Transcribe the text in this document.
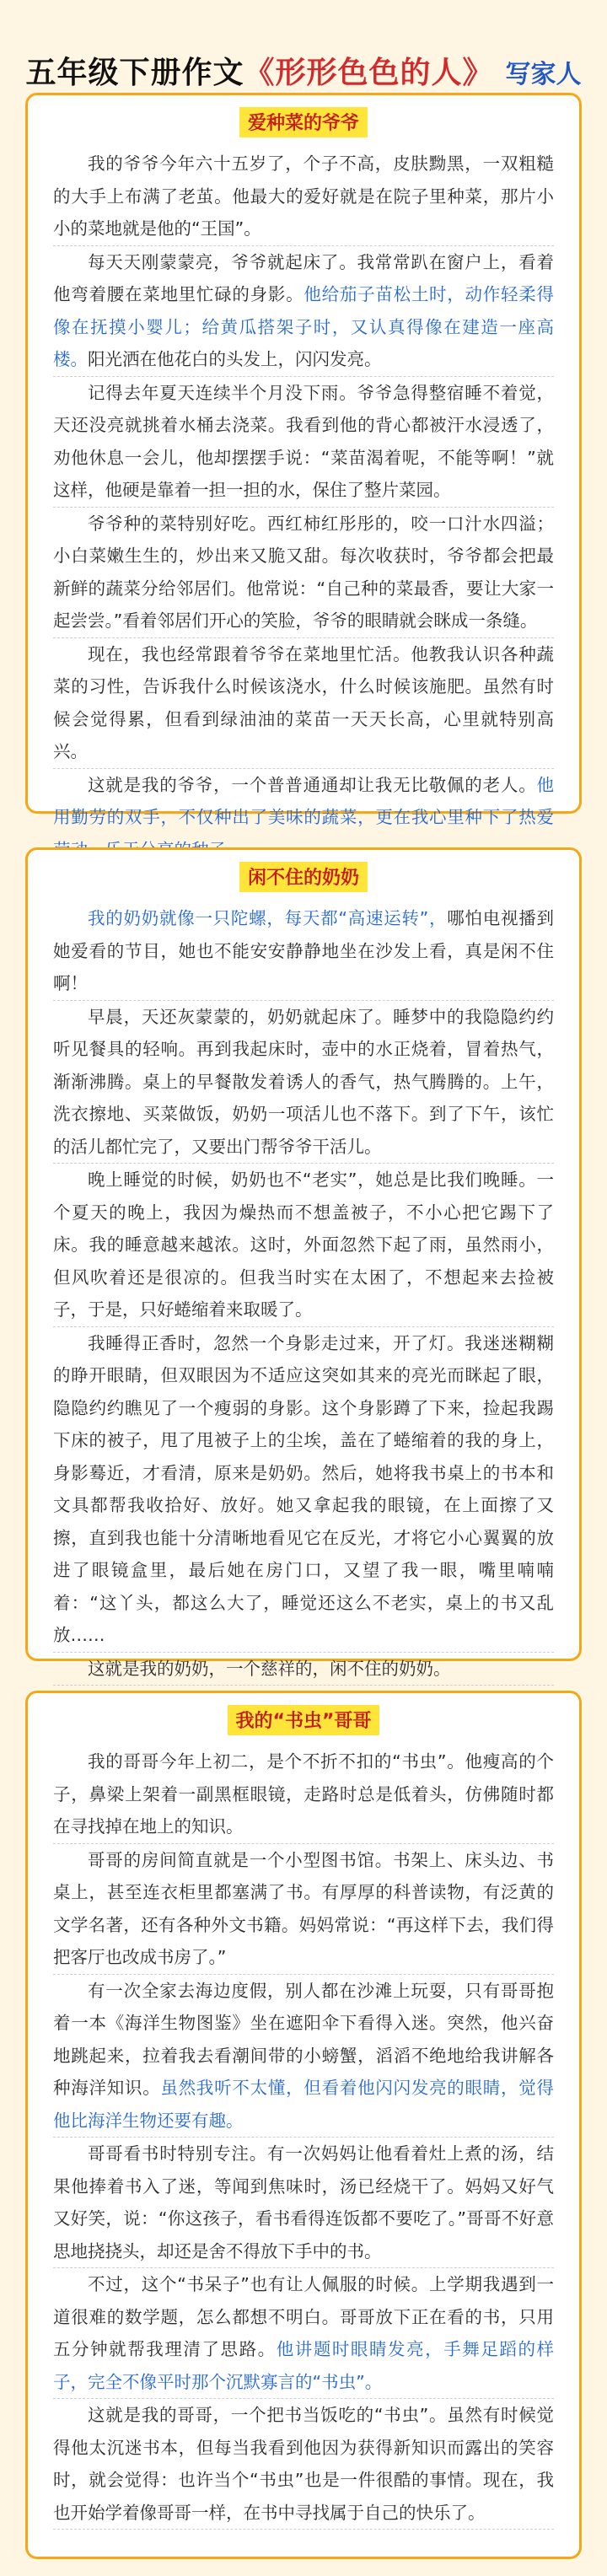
五年级下册作文《形形色色的人》 写家人
爱种菜的爷爷

我的爷爷今年六十五岁了，个子不高，皮肤黝黑，一双粗糙的大手上布满了老茧。他最大的爱好就是在院子里种菜，那片小小的菜地就是他的“王国”。

每天天刚蒙蒙亮，爷爷就起床了。我常常趴在窗户上，看着他弯着腰在菜地里忙碌的身影。他给茄子苗松土时，动作轻柔得像在抚摸小婴儿；给黄瓜搭架子时，又认真得像在建造一座高楼。阳光洒在他花白的头发上，闪闪发亮。

记得去年夏天连续半个月没下雨。爷爷急得整宿睡不着觉，天还没亮就挑着水桶去浇菜。我看到他的背心都被汗水浸透了，劝他休息一会儿，他却摆摆手说：“菜苗渴着呢，不能等啊！”就这样，他硬是靠着一担一担的水，保住了整片菜园。

爷爷种的菜特别好吃。西红柿红彤彤的，咬一口汁水四溢；小白菜嫩生生的，炒出来又脆又甜。每次收获时，爷爷都会把最新鲜的蔬菜分给邻居们。他常说：“自己种的菜最香，要让大家一起尝尝。”看着邻居们开心的笑脸，爷爷的眼睛就会眯成一条缝。

现在，我也经常跟着爷爷在菜地里忙活。他教我认识各种蔬菜的习性，告诉我什么时候该浇水，什么时候该施肥。虽然有时候会觉得累，但看到绿油油的菜苗一天天长高，心里就特别高兴。

这就是我的爷爷，一个普普通通却让我无比敬佩的老人。他用勤劳的双手，不仅种出了美味的蔬菜，更在我心里种下了热爱

闲不住的奶奶

我的奶奶就像一只陀螺，每天都“高速运转”，哪怕电视播到她爱看的节目，她也不能安安静静地坐在沙发上看，真是闲不住啊！

早晨，天还灰蒙蒙的，奶奶就起床了。睡梦中的我隐隐约约听见餐具的轻响。再到我起床时，壶中的水正烧着，冒着热气，渐渐沸腾。桌上的早餐散发着诱人的香气，热气腾腾的。上午，洗衣擦地、买菜做饭，奶奶一项活儿也不落下。到了下午，该忙的活儿都忙完了，又要出门帮爷爷干活儿。

晚上睡觉的时候，奶奶也不“老实”，她总是比我们晚睡。一个夏天的晚上，我因为燥热而不想盖被子，不小心把它踢下了床。我的睡意越来越浓。这时，外面忽然下起了雨，虽然雨小，但风吹着还是很凉的。但我当时实在太困了，不想起来去捡被子，于是，只好蜷缩着来取暖了。

我睡得正香时，忽然一个身影走过来，开了灯。我迷迷糊糊的睁开眼睛，但双眼因为不适应这突如其来的亮光而眯起了眼，隐隐约约瞧见了一个瘦弱的身影。这个身影蹲了下来，捡起我踢下床的被子，甩了甩被子上的尘埃，盖在了蜷缩着的我的身上，身影蓦近，才看清，原来是奶奶。然后，她将我书桌上的书本和文具都帮我收拾好、放好。她又拿起我的眼镜，在上面擦了又擦，直到我也能十分清晰地看见它在反光，才将它小心翼翼的放进了眼镜盒里，最后她在房门口，又望了我一眼，嘴里喃喃着：“这丫头，都这么大了，睡觉还这么不老实，桌上的书又乱放……

这就是我的奶奶，一个慈祥的，闲不住的奶奶。

我的“书虫”哥哥

我的哥哥今年上初二，是个不折不扣的“书虫”。他瘦高的个子，鼻梁上架着一副黑框眼镜，走路时总是低着头，仿佛随时都在寻找掉在地上的知识。

哥哥的房间简直就是一个小型图书馆。书架上、床头边、书桌上，甚至连衣柜里都塞满了书。有厚厚的科普读物，有泛黄的文学名著，还有各种外文书籍。妈妈常说：“再这样下去，我们得把客厅也改成书房了。”

有一次全家去海边度假，别人都在沙滩上玩耍，只有哥哥抱着一本《海洋生物图鉴》坐在遮阳伞下看得入迷。突然，他兴奋地跳起来，拉着我去看潮间带的小螃蟹，滔滔不绝地给我讲解各种海洋知识。虽然我听不太懂，但看着他闪闪发亮的眼睛，觉得他比海洋生物还要有趣。

哥哥看书时特别专注。有一次妈妈让他看着灶上煮的汤，结果他捧着书入了迷，等闻到焦味时，汤已经烧干了。妈妈又好气又好笑，说：“你这孩子，看书看得连饭都不要吃了。”哥哥不好意思地挠挠头，却还是舍不得放下手中的书。

不过，这个“书呆子”也有让人佩服的时候。上学期我遇到一道很难的数学题，怎么都想不明白。哥哥放下正在看的书，只用五分钟就帮我理清了思路。他讲题时眼睛发亮，手舞足蹈的样子，完全不像平时那个沉默寡言的“书虫”。

这就是我的哥哥，一个把书当饭吃的“书虫”。虽然有时候觉得他太沉迷书本，但每当我看到他因为获得新知识而露出的笑容时，就会觉得：也许当个“书虫”也是一件很酷的事情。现在，我也开始学着像哥哥一样，在书中寻找属于自己的快乐了。
